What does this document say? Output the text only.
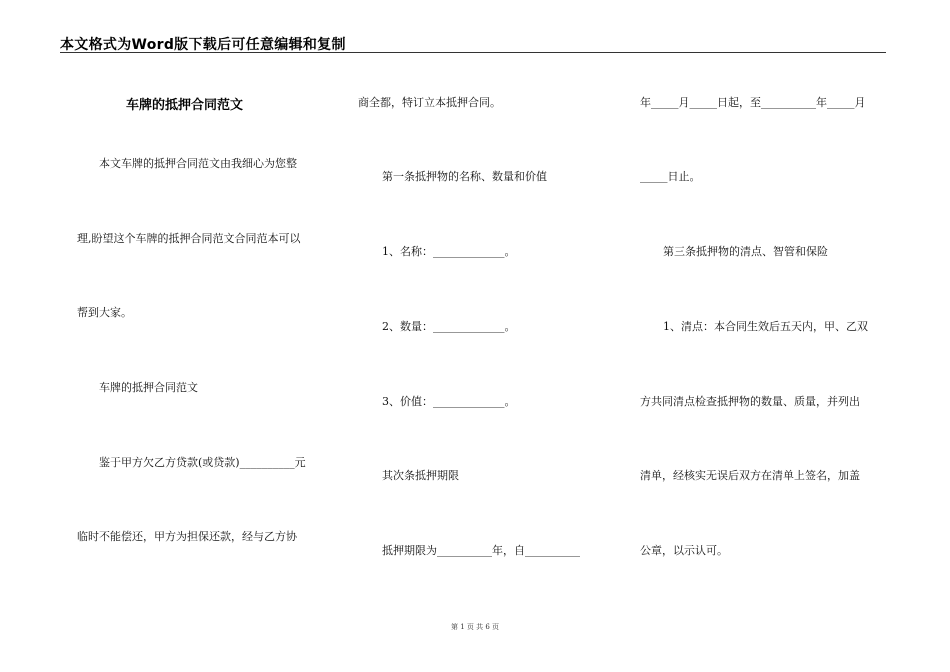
本文格式为Word版下载后可任意编辑和复制
车牌的抵押合同范文
本文车牌的抵押合同范文由我细心为您整
理,盼望这个车牌的抵押合同范文合同范本可以
帮到大家。
车牌的抵押合同范文
鉴于甲方欠乙方贷款(或贷款)__________元
临时不能偿还，甲方为担保还款，经与乙方协
商全都，特订立本抵押合同。
第一条抵押物的名称、数量和价值
1、名称：_____________。
2、数量：_____________。
3、价值：_____________。
其次条抵押期限
抵押期限为__________年，自__________
年_____月_____日起，至__________年_____月
_____日止。
第三条抵押物的清点、智管和保险
1、清点：本合同生效后五天内，甲、乙双
方共同清点检查抵押物的数量、质量，并列出
清单，经核实无误后双方在清单上签名，加盖
公章，以示认可。
第 1 页 共 6 页
